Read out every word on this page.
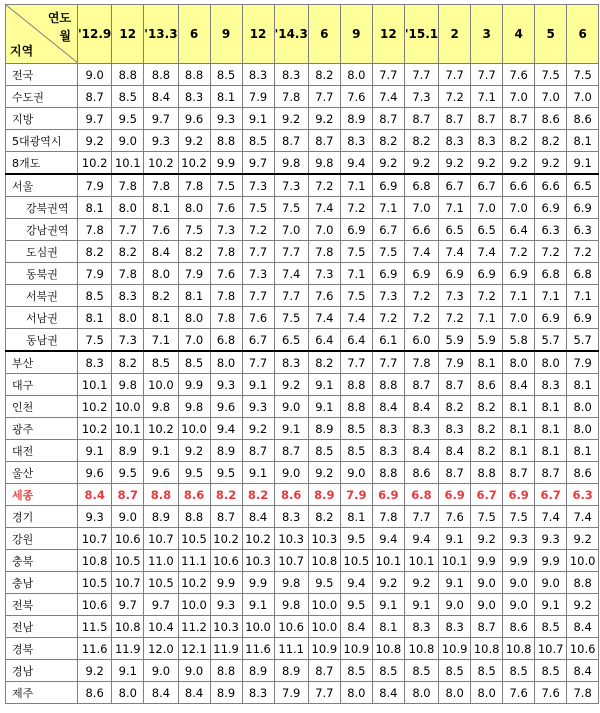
연도
월
지역	'12.9	12	'13.3	6	9	12	'14.3	6	9	12	'15.1	2	3	4	5	6
전국	9.0	8.8	8.8	8.8	8.5	8.3	8.3	8.2	8.0	7.7	7.7	7.7	7.7	7.6	7.5	7.5
수도권	8.7	8.5	8.4	8.3	8.1	7.9	7.8	7.7	7.6	7.4	7.3	7.2	7.1	7.0	7.0	7.0
지방	9.7	9.5	9.7	9.6	9.3	9.1	9.2	9.2	8.9	8.7	8.7	8.7	8.7	8.7	8.6	8.6
5대광역시	9.2	9.0	9.3	9.2	8.8	8.5	8.7	8.7	8.3	8.2	8.2	8.3	8.3	8.2	8.2	8.1
8개도	10.2	10.1	10.2	10.2	9.9	9.7	9.8	9.8	9.4	9.2	9.2	9.2	9.2	9.2	9.2	9.1
서울	7.9	7.8	7.8	7.8	7.5	7.3	7.3	7.2	7.1	6.9	6.8	6.7	6.7	6.6	6.6	6.5
강북권역	8.1	8.0	8.1	8.0	7.6	7.5	7.5	7.4	7.2	7.1	7.0	7.1	7.0	7.0	6.9	6.9
강남권역	7.8	7.7	7.6	7.5	7.3	7.2	7.0	7.0	6.9	6.7	6.6	6.5	6.5	6.4	6.3	6.3
도심권	8.2	8.2	8.4	8.2	7.8	7.7	7.7	7.8	7.5	7.5	7.4	7.4	7.4	7.2	7.2	7.2
동북권	7.9	7.8	8.0	7.9	7.6	7.3	7.4	7.3	7.1	6.9	6.9	6.9	6.9	6.9	6.8	6.8
서북권	8.5	8.3	8.2	8.1	7.8	7.7	7.7	7.6	7.5	7.3	7.2	7.3	7.2	7.1	7.1	7.1
서남권	8.1	8.0	8.1	8.0	7.8	7.6	7.5	7.4	7.4	7.2	7.2	7.2	7.1	7.0	6.9	6.9
동남권	7.5	7.3	7.1	7.0	6.8	6.7	6.5	6.4	6.4	6.1	6.0	5.9	5.9	5.8	5.7	5.7
부산	8.3	8.2	8.5	8.5	8.0	7.7	8.3	8.2	7.7	7.7	7.8	7.9	8.1	8.0	8.0	7.9
대구	10.1	9.8	10.0	9.9	9.3	9.1	9.2	9.1	8.8	8.8	8.7	8.7	8.6	8.4	8.3	8.1
인천	10.2	10.0	9.8	9.8	9.6	9.3	9.0	9.1	8.8	8.4	8.4	8.2	8.2	8.1	8.1	8.0
광주	10.2	10.1	10.2	10.0	9.4	9.2	9.1	8.9	8.5	8.3	8.3	8.3	8.2	8.1	8.1	8.0
대전	9.1	8.9	9.1	9.2	8.9	8.7	8.7	8.5	8.5	8.3	8.4	8.4	8.2	8.1	8.1	8.1
울산	9.6	9.5	9.6	9.5	9.5	9.1	9.0	9.2	9.0	8.8	8.6	8.7	8.8	8.7	8.7	8.6
세종	8.4	8.7	8.8	8.6	8.2	8.2	8.6	8.9	7.9	6.9	6.8	6.9	6.7	6.9	6.7	6.3
경기	9.3	9.0	8.9	8.8	8.7	8.4	8.3	8.2	8.1	7.8	7.7	7.6	7.5	7.5	7.4	7.4
강원	10.7	10.6	10.7	10.5	10.2	10.2	10.3	10.3	9.5	9.4	9.4	9.1	9.2	9.3	9.3	9.2
충북	10.8	10.5	11.0	11.1	10.6	10.3	10.7	10.8	10.5	10.1	10.1	10.1	9.9	9.9	9.9	10.0
충남	10.5	10.7	10.5	10.2	9.9	9.9	9.8	9.5	9.4	9.2	9.2	9.1	9.0	9.0	9.0	8.8
전북	10.6	9.7	9.7	10.0	9.3	9.1	9.8	10.0	9.5	9.1	9.1	9.0	9.0	9.0	9.1	9.2
전남	11.5	10.8	10.4	11.2	10.3	10.0	10.6	10.0	8.4	8.1	8.3	8.3	8.7	8.6	8.5	8.4
경북	11.6	11.9	12.0	12.1	11.9	11.6	11.1	10.9	10.9	10.8	10.8	10.9	10.8	10.8	10.7	10.6
경남	9.2	9.1	9.0	9.0	8.8	8.9	8.9	8.7	8.5	8.5	8.5	8.5	8.5	8.5	8.5	8.4
제주	8.6	8.0	8.4	8.4	8.9	8.3	7.9	7.7	8.0	8.4	8.0	8.0	8.0	7.6	7.6	7.8
